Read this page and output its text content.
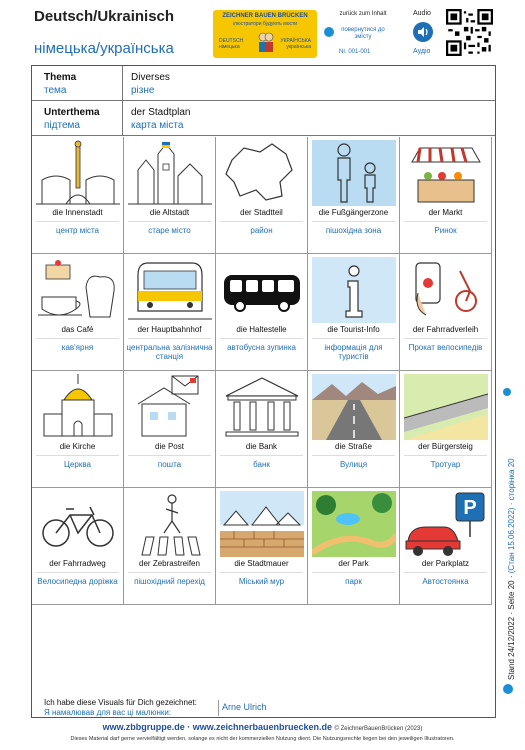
Deutsch/Ukrainisch
німецька/українська
ZEICHNER BAUEN BRÜCKEN
ілюстратори будують мости
DEUTSCH
німецька
УКРАЇНСЬКА
українська
zurück zum Inhalt
повернутися до змісту
Nr. 001-001
Audio
Аудіо
Thema
тема
Diverses
різне
Unterthema
підтема
der Stadtplan
карта міста
die Innenstadt
центр міста
die Altstadt
старе місто
der Stadtteil
район
die Fußgängerzone
пішохідна зона
der Markt
Ринок
das Café
кав'ярня
der Hauptbahnhof
центральна залізнична станція
die Haltestelle
автобусна зупинка
die Tourist-Info
інформація для туристів
der Fahrradverleih
Прокат велосипедів
die Kirche
Церква
die Post
пошта
die Bank
банк
die Straße
Вулиця
der Bürgersteig
Тротуар
der Fahrradweg
Велосипедна доріжка
der Zebrastreifen
пішохідний перехід
die Stadtmauer
Міський мур
der Park
парк
P
der Parkplatz
Автостоянка
Ich habe diese Visuals für Dich gezeichnet:
Я намалював для вас ці малюнки:
Arne Ulrich
Stand 24/12/2022 · Seite 20 · (Стан 15.06.2022) · сторінка 20
www.zbbgruppe.de · www.zeichnerbauenbruecken.de © ZeichnerBauenBrücken (2023)
Dieses Material darf gerne vervielfältigt werden, solange es nicht der kommerziellen Nutzung dient. Die Nutzungsrechte liegen bei den jeweiligen Illustratoren.
